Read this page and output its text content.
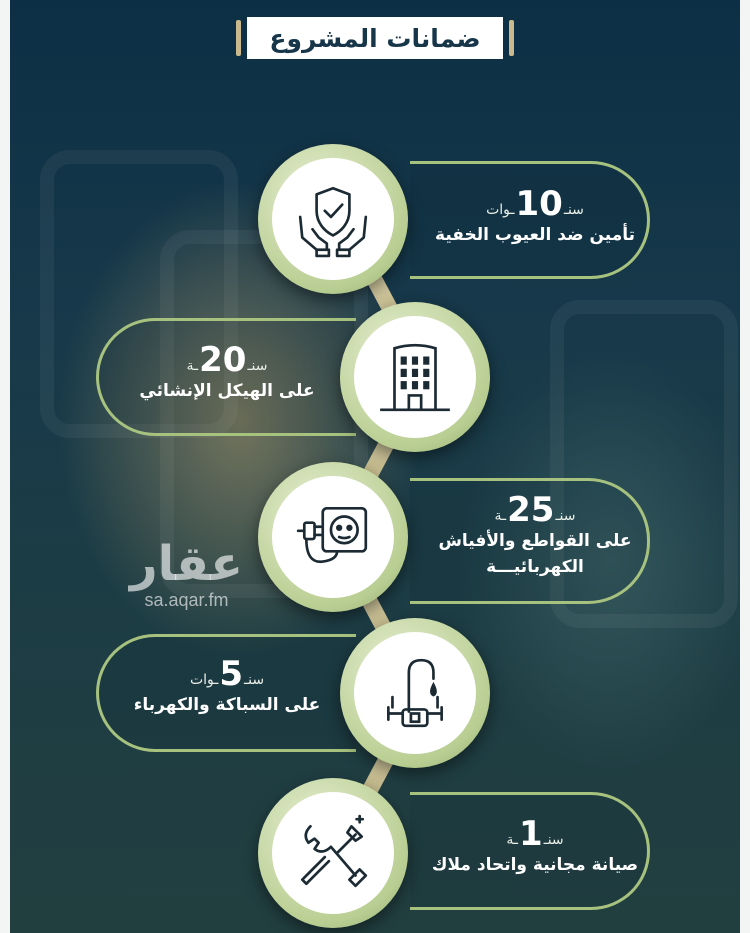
ضمانات المشروع
سنـ
10
ـوات
تأمين ضد العيوب الخفية
سنـ
20
ـة
على الهيكل الإنشائي
سنـ
25
ـة
على القواطع والأفياش
الكهربائيـــة
سنـ
5
ـوات
على السباكة والكهرباء
سنـ
1
ـة
صيانة مجانية واتحاد ملاك
عقار
sa.aqar.fm
